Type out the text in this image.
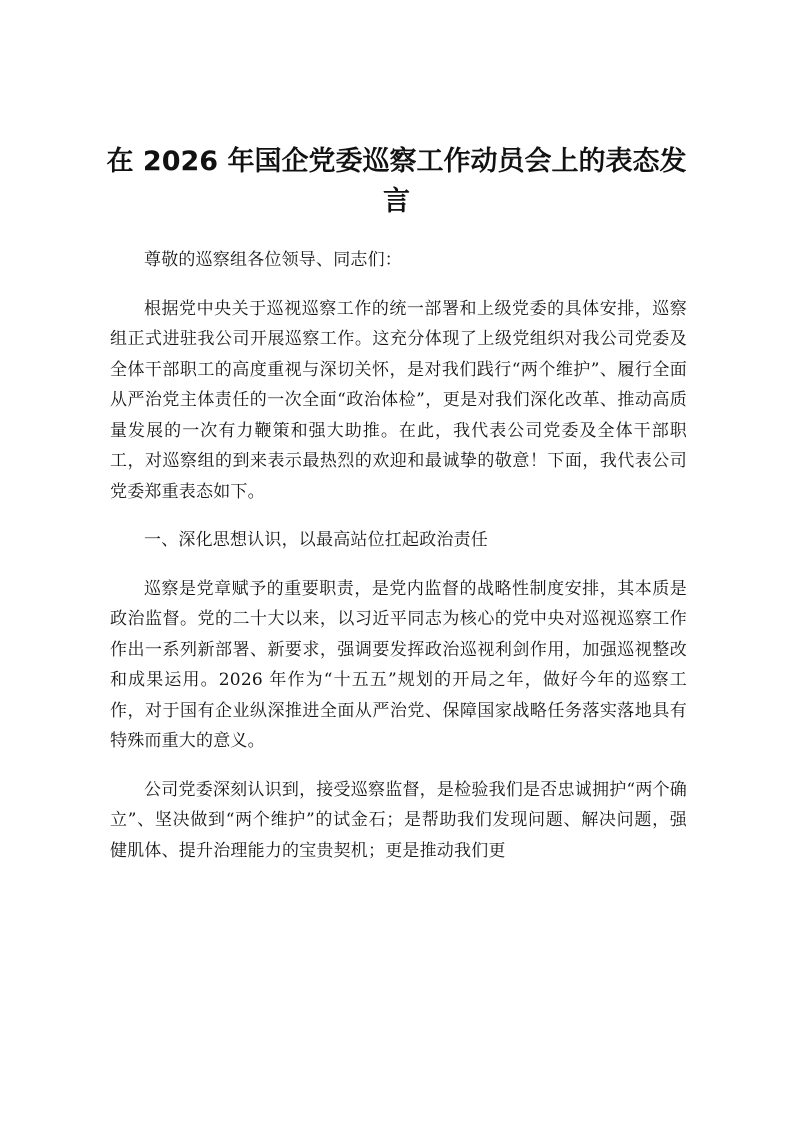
在 2026 年国企党委巡察工作动员会上的表态发言

尊敬的巡察组各位领导、同志们：

根据党中央关于巡视巡察工作的统一部署和上级党委的具体安排，巡察组正式进驻我公司开展巡察工作。这充分体现了上级党组织对我公司党委及全体干部职工的高度重视与深切关怀，是对我们践行“两个维护”、履行全面从严治党主体责任的一次全面“政治体检”，更是对我们深化改革、推动高质量发展的一次有力鞭策和强大助推。在此，我代表公司党委及全体干部职工，对巡察组的到来表示最热烈的欢迎和最诚挚的敬意！下面，我代表公司党委郑重表态如下。

一、深化思想认识，以最高站位扛起政治责任

巡察是党章赋予的重要职责，是党内监督的战略性制度安排，其本质是政治监督。党的二十大以来，以习近平同志为核心的党中央对巡视巡察工作作出一系列新部署、新要求，强调要发挥政治巡视利剑作用，加强巡视整改和成果运用。2026 年作为“十五五”规划的开局之年，做好今年的巡察工作，对于国有企业纵深推进全面从严治党、保障国家战略任务落实落地具有特殊而重大的意义。

公司党委深刻认识到，接受巡察监督，是检验我们是否忠诚拥护“两个确立”、坚决做到“两个维护”的试金石；是帮助我们发现问题、解决问题，强健肌体、提升治理能力的宝贵契机；更是推动我们更
